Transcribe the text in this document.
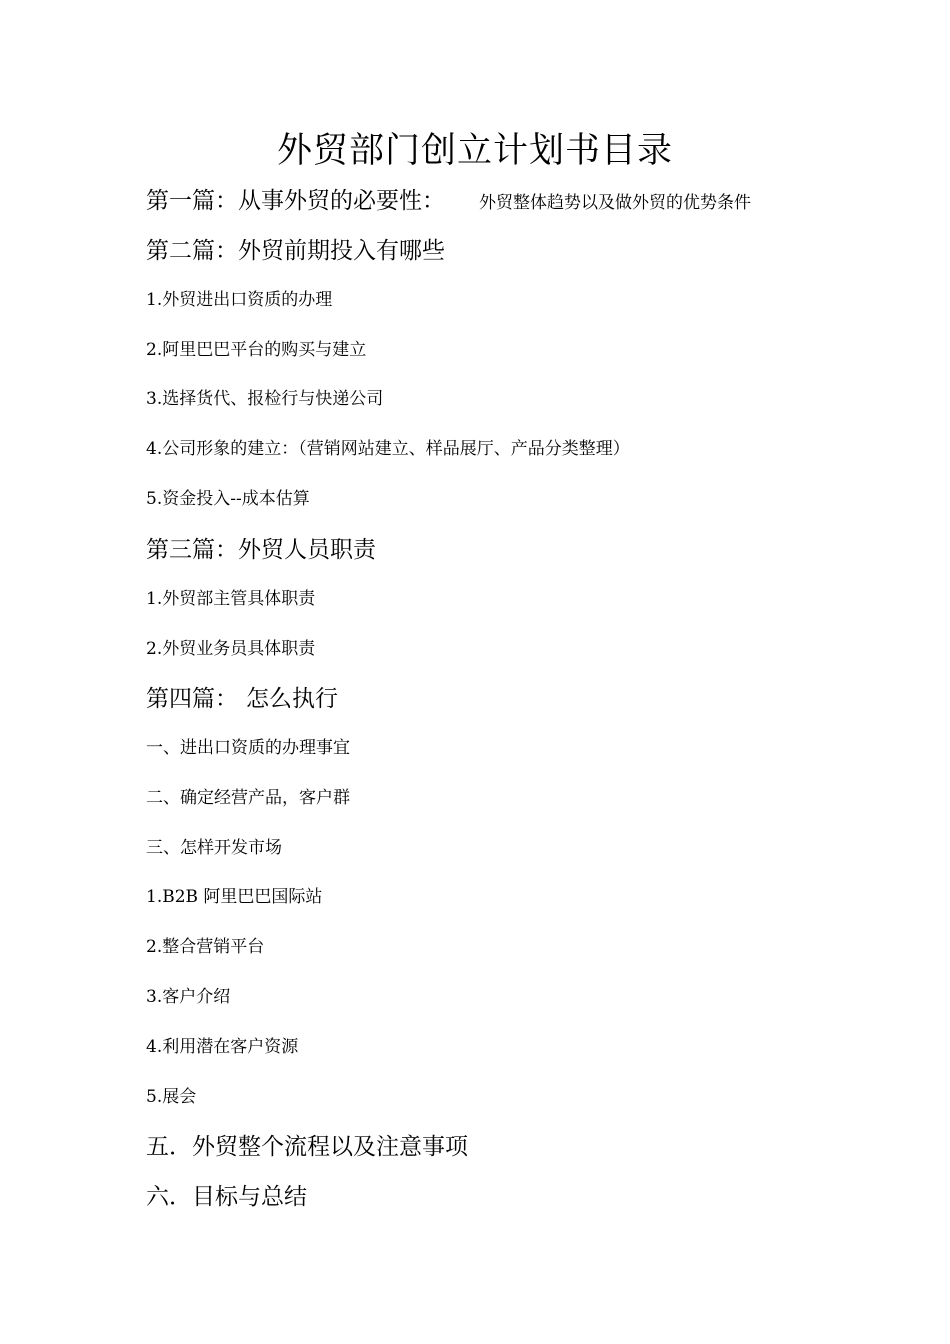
外贸部门创立计划书目录
第一篇：从事外贸的必要性： 外贸整体趋势以及做外贸的优势条件
第二篇：外贸前期投入有哪些
1.外贸进出口资质的办理
2.阿里巴巴平台的购买与建立
3.选择货代、报检行与快递公司
4.公司形象的建立：（营销网站建立、样品展厅、产品分类整理）
5.资金投入--成本估算
第三篇：外贸人员职责
1.外贸部主管具体职责
2.外贸业务员具体职责
第四篇： 怎么执行
一、进出口资质的办理事宜
二、确定经营产品，客户群
三、怎样开发市场
1.B2B 阿里巴巴国际站
2.整合营销平台
3.客户介绍
4.利用潜在客户资源
5.展会
五．外贸整个流程以及注意事项
六．目标与总结
